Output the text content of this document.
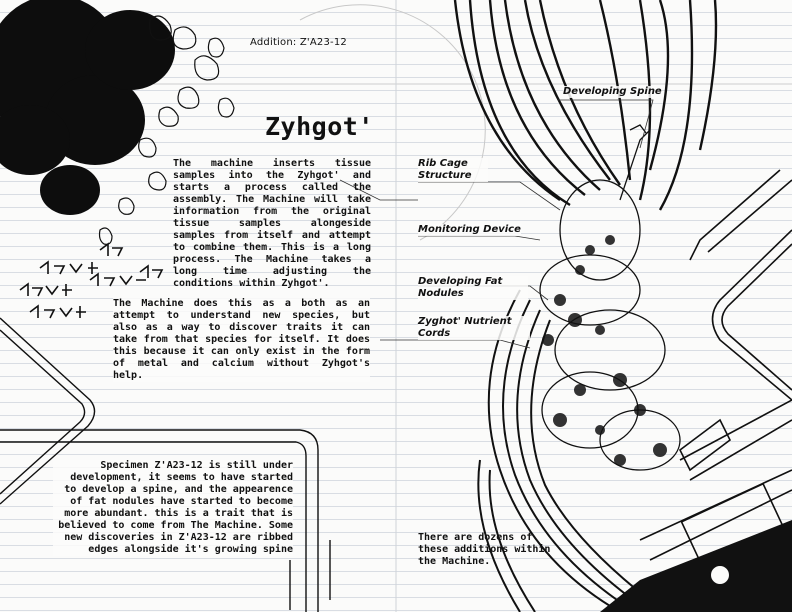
Addition: Z'A23-12
Zyhgot'

The machine inserts tissue samples into the Zyhgot' and starts a process called the assembly. The Machine will take information from the original tissue samples alongeside samples from itself and attempt to combine them. This is a long process. The Machine takes a long time adjusting the conditions within Zyhgot'.

The Machine does this as a both as an attempt to understand new species, but also as a way to discover traits it can take from that species for itself. It does this because it can only exist in the form of metal and calcium without Zyhgot's help.

Specimen Z'A23-12 is still under development, it seems to have started to develop a spine, and the appearence of fat nodules have started to become more abundant. this is a trait that is believed to come from The Machine. Some new discoveries in Z'A23-12 are ribbed edges alongside it's growing spine

There are dozens of these additions within the Machine.

Developing Spine
Rib Cage Structure
Monitoring Device
Developing Fat Nodules
Zyghot' Nutrient Cords
